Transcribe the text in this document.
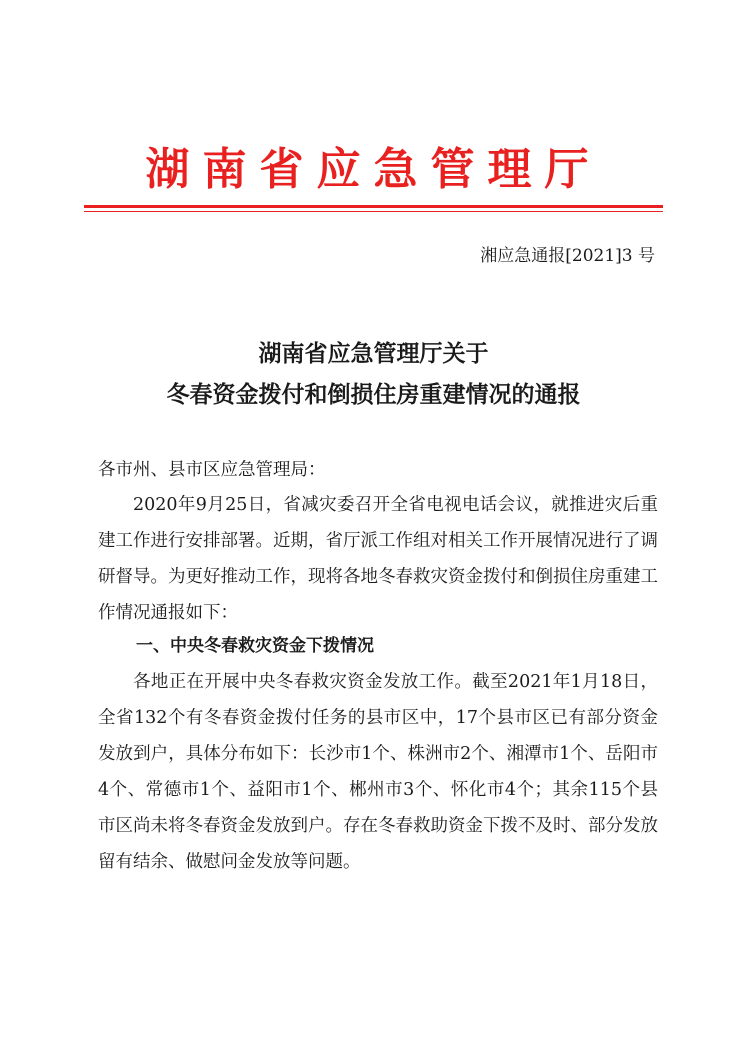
湖南省应急管理厅
湘应急通报[2021]3 号
湖南省应急管理厅关于
冬春资金拨付和倒损住房重建情况的通报
各市州、县市区应急管理局：
2020年9月25日，省减灾委召开全省电视电话会议，就推进灾后重建工作进行安排部署。近期，省厅派工作组对相关工作开展情况进行了调研督导。为更好推动工作，现将各地冬春救灾资金拨付和倒损住房重建工作情况通报如下：
一、中央冬春救灾资金下拨情况
各地正在开展中央冬春救灾资金发放工作。截至2021年1月18日，全省132个有冬春资金拨付任务的县市区中，17个县市区已有部分资金发放到户，具体分布如下：长沙市1个、株洲市2个、湘潭市1个、岳阳市4个、常德市1个、益阳市1个、郴州市3个、怀化市4个；其余115个县市区尚未将冬春资金发放到户。存在冬春救助资金下拨不及时、部分发放留有结余、做慰问金发放等问题。
